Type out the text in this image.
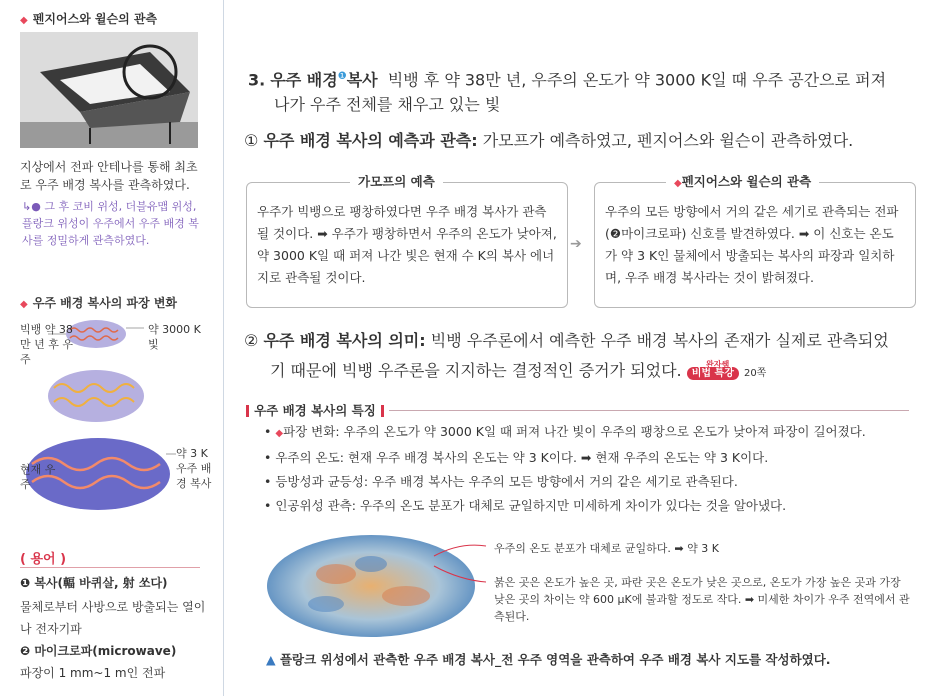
◆ 펜지어스와 윌슨의 관측
지상에서 전파 안테나를 통해 최초로 우주 배경 복사를 관측하였다.
↳● 그 후 코비 위성, 더블유맵 위성, 플랑크 위성이 우주에서 우주 배경 복사를 정밀하게 관측하였다.
◆ 우주 배경 복사의 파장 변화
빅뱅 약 38만 년 후 우주
약 3000 K 빛
현재 우주
약 3 K 우주 배경 복사
( 용어 )
❶ 복사(輻 바퀴살, 射 쏘다)
물체로부터 사방으로 방출되는 열이나 전자기파
❷ 마이크로파(microwave)
파장이 1 mm~1 m인 전파
3. 우주 배경$^❶$복사 빅뱅 후 약 38만 년, 우주의 온도가 약 3000 K일 때 우주 공간으로 퍼져
나가 우주 전체를 채우고 있는 빛
① 우주 배경 복사의 예측과 관측: 가모프가 예측하였고, 펜지어스와 윌슨이 관측하였다.
우주가 빅뱅으로 팽창하였다면 우주 배경 복사가 관측될 것이다. ➡ 우주가 팽창하면서 우주의 온도가 낮아져, 약 3000 K일 때 퍼져 나간 빛은 현재 수 K의 복사 에너지로 관측될 것이다.
가모프의 예측
➔
우주의 모든 방향에서 거의 같은 세기로 관측되는 전파(❷마이크로파) 신호를 발견하였다. ➡ 이 신호는 온도가 약 3 K인 물체에서 방출되는 복사의 파장과 일치하며, 우주 배경 복사라는 것이 밝혀졌다.
◆펜지어스와 윌슨의 관측
② 우주 배경 복사의 의미: 빅뱅 우주론에서 예측한 우주 배경 복사의 존재가 실제로 관측되었
기 때문에 빅뱅 우주론을 지지하는 결정적인 증거가 되었다.	완자쌤
비법 특강 20쪽
우주 배경 복사의 특징
• ◆파장 변화: 우주의 온도가 약 3000 K일 때 퍼져 나간 빛이 우주의 팽창으로 온도가 낮아져 파장이 길어졌다.
• 우주의 온도: 현재 우주 배경 복사의 온도는 약 3 K이다. ➡ 현재 우주의 온도는 약 3 K이다.
• 등방성과 균등성: 우주 배경 복사는 우주의 모든 방향에서 거의 같은 세기로 관측된다.
• 인공위성 관측: 우주의 온도 분포가 대체로 균일하지만 미세하게 차이가 있다는 것을 알아냈다.
우주의 온도 분포가 대체로 균일하다. ➡ 약 3 K
붉은 곳은 온도가 높은 곳, 파란 곳은 온도가 낮은 곳으로, 온도가 가장 높은 곳과 가장
낮은 곳의 차이는 약 600 μK에 불과할 정도로 작다. ➡ 미세한 차이가 우주 전역에서 관
측된다.
▲ 플랑크 위성에서 관측한 우주 배경 복사_전 우주 영역을 관측하여 우주 배경 복사 지도를 작성하였다.
